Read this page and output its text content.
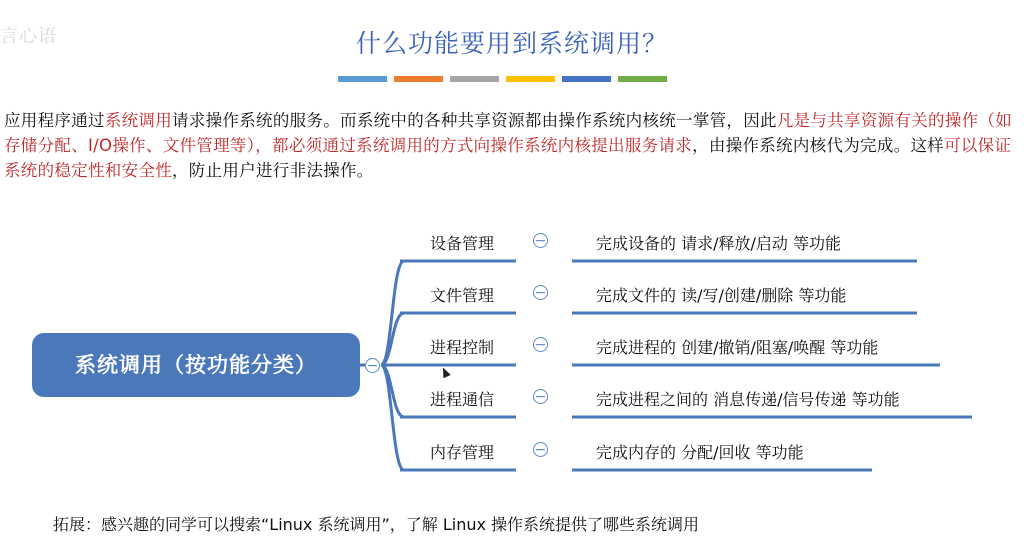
言心语	什么功能要用到系统调用？
应用程序通过系统调用请求操作系统的服务。而系统中的各种共享资源都由操作系统内核统一掌管，因此凡是与共享资源有关的操作（如存储分配、I/O操作、文件管理等），都必须通过系统调用的方式向操作系统内核提出服务请求，由操作系统内核代为完成。这样可以保证系统的稳定性和安全性，防止用户进行非法操作。
系统调用（按功能分类）	−
设备管理	−	完成设备的 请求/释放/启动 等功能
文件管理	−	完成文件的 读/写/创建/删除 等功能
进程控制	−	完成进程的 创建/撤销/阻塞/唤醒 等功能
进程通信	−	完成进程之间的 消息传递/信号传递 等功能
内存管理	−	完成内存的 分配/回收 等功能
拓展：感兴趣的同学可以搜索“Linux 系统调用”，了解 Linux 操作系统提供了哪些系统调用
